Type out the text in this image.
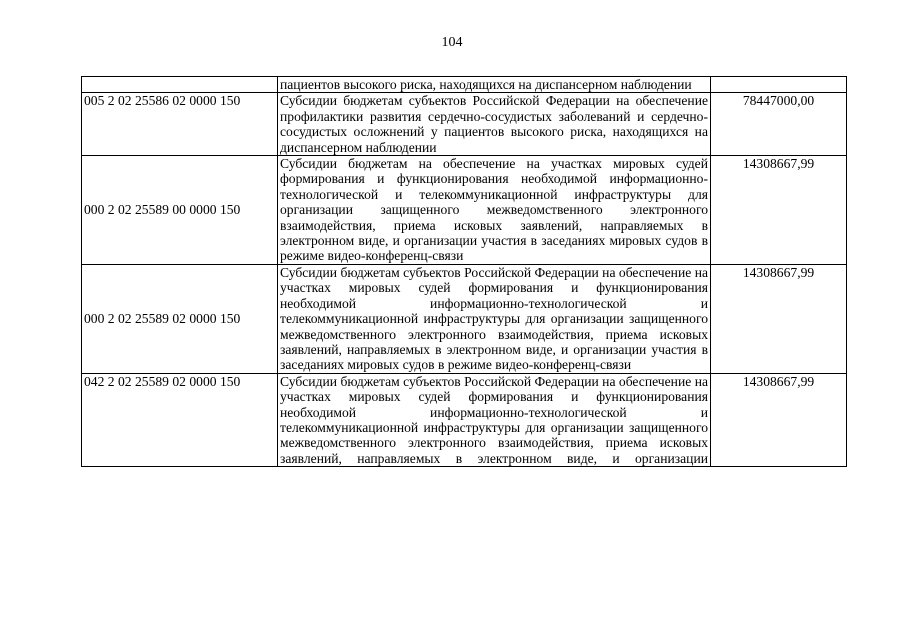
104
	пациентов высокого риска, находящихся на диспансерном наблюдении	
005 2 02 25586 02 0000 150	Субсидии бюджетам субъектов Российской Федерации на обеспечение профилактики развития сердечно-сосудистых заболеваний и сердечно-сосудистых осложнений у пациентов высокого риска, находящихся на диспансерном наблюдении	78447000,00
000 2 02 25589 00 0000 150	Субсидии бюджетам на обеспечение на участках мировых судей формирования и функционирования необходимой информационно-технологической и телекоммуникационной инфраструктуры для организации защищенного межведомственного электронного взаимодействия, приема исковых заявлений, направляемых в электронном виде, и организации участия в заседаниях мировых судов в режиме видео-конференц-связи	14308667,99
000 2 02 25589 02 0000 150	Субсидии бюджетам субъектов Российской Федерации на обеспечение на участках мировых судей формирования и функционирования необходимой информационно-технологической и телекоммуникационной инфраструктуры для организации защищенного межведомственного электронного взаимодействия, приема исковых заявлений, направляемых в электронном виде, и организации участия в заседаниях мировых судов в режиме видео-конференц-связи	14308667,99
042 2 02 25589 02 0000 150	Субсидии бюджетам субъектов Российской Федерации на обеспечение на участках мировых судей формирования и функционирования необходимой информационно-технологической и телекоммуникационной инфраструктуры для организации защищенного межведомственного электронного взаимодействия, приема исковых заявлений, направляемых в электронном виде, и организации	14308667,99
